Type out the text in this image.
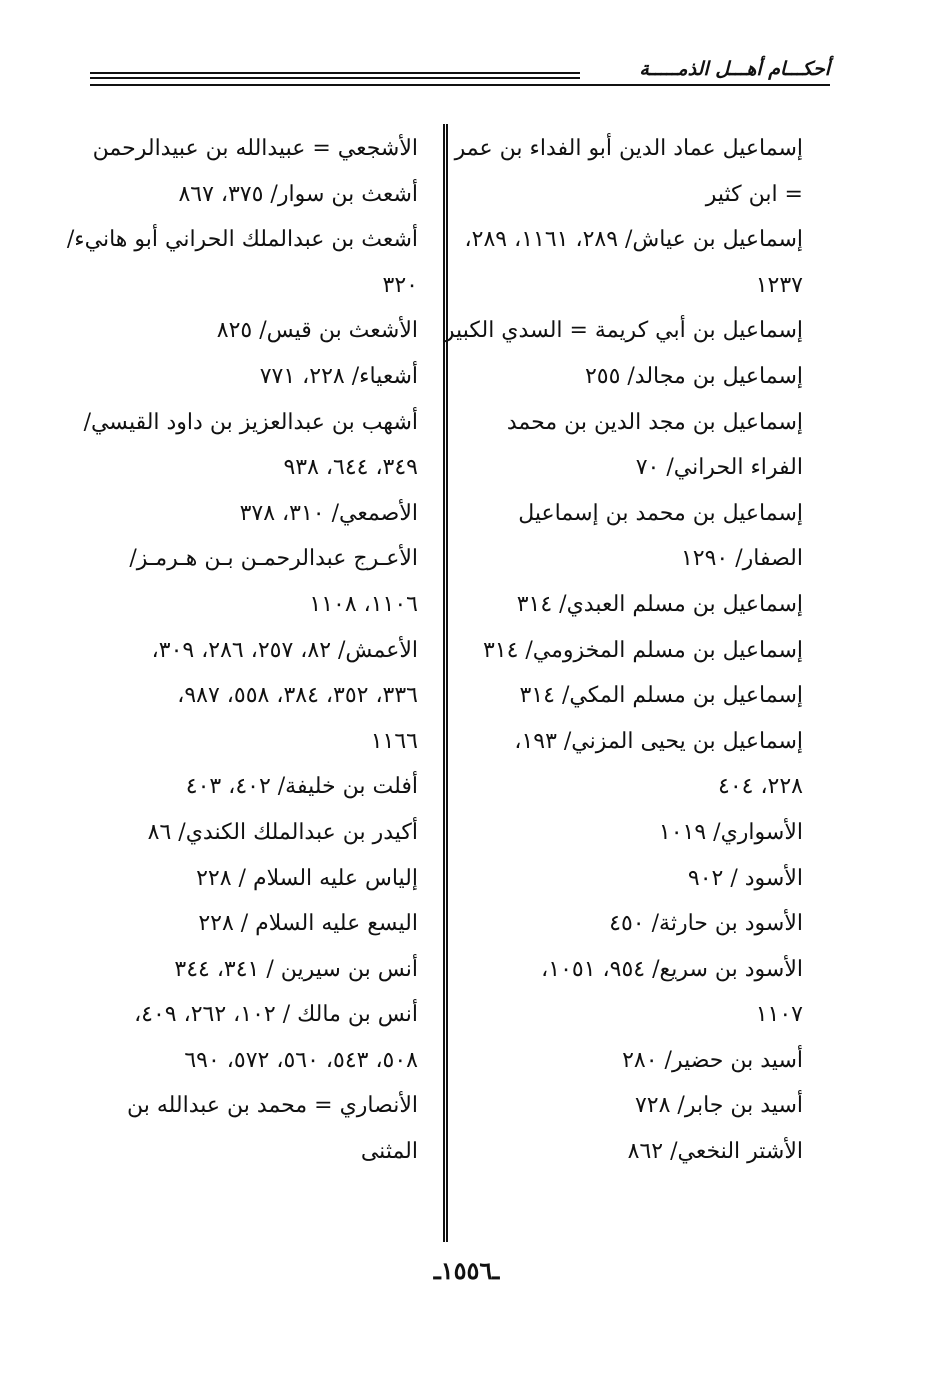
أحكـــام أهـــل الذمـــــة
إسماعيل عماد الدين أبو الفداء بن عمر
= ابن كثير
إسماعيل بن عياش/ ٢٨٩، ١١٦١، ٢٨٩،
١٢٣٧
إسماعيل بن أبي كريمة = السدي الكبير
إسماعيل بن مجالد/ ٢٥٥
إسماعيل بن مجد الدين بن محمد
الفراء الحراني/ ٧٠
إسماعيل بن محمد بن إسماعيل
الصفار/ ١٢٩٠
إسماعيل بن مسلم العبدي/ ٣١٤
إسماعيل بن مسلم المخزومي/ ٣١٤
إسماعيل بن مسلم المكي/ ٣١٤
إسماعيل بن يحيى المزني/ ١٩٣،
٢٢٨، ٤٠٤
الأسواري/ ١٠١٩
الأسود / ٩٠٢
الأسود بن حارثة/ ٤٥٠
الأسود بن سريع/ ٩٥٤، ١٠٥١،
١١٠٧
أسيد بن حضير/ ٢٨٠
أسيد بن جابر/ ٧٢٨
الأشتر النخعي/ ٨٦٢
الأشجعي = عبيدالله بن عبيدالرحمن
أشعث بن سوار/ ٣٧٥، ٨٦٧
أشعث بن عبدالملك الحراني أبو هانيء/
٣٢٠
الأشعث بن قيس/ ٨٢٥
أشعياء/ ٢٢٨، ٧٧١
أشهب بن عبدالعزيز بن داود القيسي/
٣٤٩، ٦٤٤، ٩٣٨
الأصمعي/ ٣١٠، ٣٧٨
الأعـرج عبدالرحمـن بـن هـرمـز/
١١٠٦، ١١٠٨
الأعمش/ ٨٢، ٢٥٧، ٢٨٦، ٣٠٩،
٣٣٦، ٣٥٢، ٣٨٤، ٥٥٨، ٩٨٧،
١١٦٦
أفلت بن خليفة/ ٤٠٢، ٤٠٣
أكيدر بن عبدالملك الكندي/ ٨٦
إلياس عليه السلام / ٢٢٨
اليسع عليه السلام / ٢٢٨
أنس بن سيرين / ٣٤١، ٣٤٤
أنس بن مالك / ١٠٢، ٢٦٢، ٤٠٩،
٥٠٨، ٥٤٣، ٥٦٠، ٥٧٢، ٦٩٠
الأنصاري = محمد بن عبدالله بن
المثنى
ـ١٥٥٦ـ
